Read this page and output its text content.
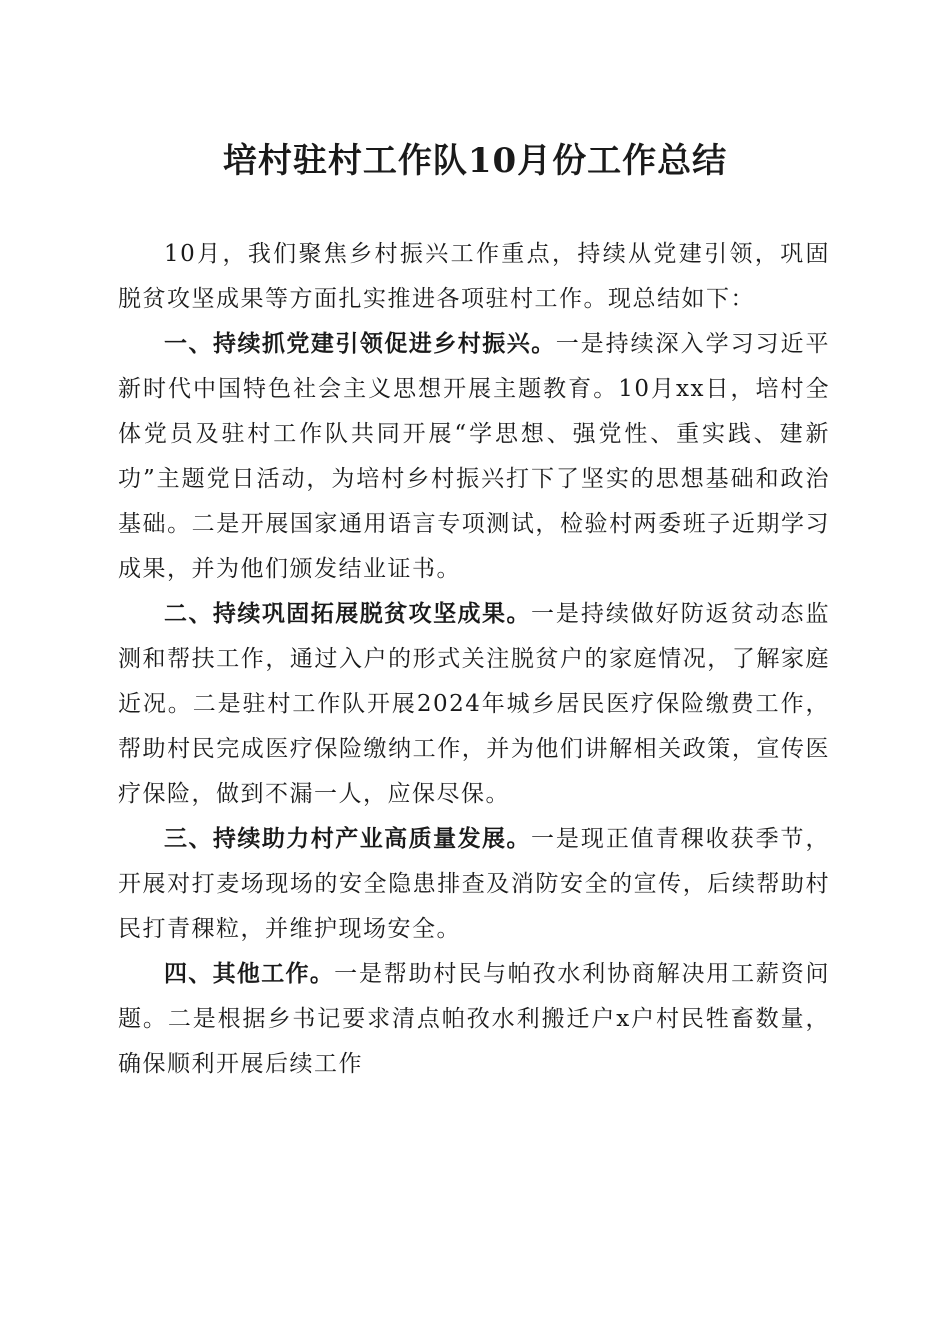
培村驻村工作队10月份工作总结

10月，我们聚焦乡村振兴工作重点，持续从党建引领，巩固脱贫攻坚成果等方面扎实推进各项驻村工作。现总结如下：

一、持续抓党建引领促进乡村振兴。一是持续深入学习习近平新时代中国特色社会主义思想开展主题教育。10月xx日，培村全体党员及驻村工作队共同开展“学思想、强党性、重实践、建新功”主题党日活动，为培村乡村振兴打下了坚实的思想基础和政治基础。二是开展国家通用语言专项测试，检验村两委班子近期学习成果，并为他们颁发结业证书。

二、持续巩固拓展脱贫攻坚成果。一是持续做好防返贫动态监测和帮扶工作，通过入户的形式关注脱贫户的家庭情况，了解家庭近况。二是驻村工作队开展2024年城乡居民医疗保险缴费工作，帮助村民完成医疗保险缴纳工作，并为他们讲解相关政策，宣传医疗保险，做到不漏一人，应保尽保。

三、持续助力村产业高质量发展。一是现正值青稞收获季节，开展对打麦场现场的安全隐患排查及消防安全的宣传，后续帮助村民打青稞粒，并维护现场安全。

四、其他工作。一是帮助村民与帕孜水利协商解决用工薪资问题。二是根据乡书记要求清点帕孜水利搬迁户x户村民牲畜数量，确保顺利开展后续工作
